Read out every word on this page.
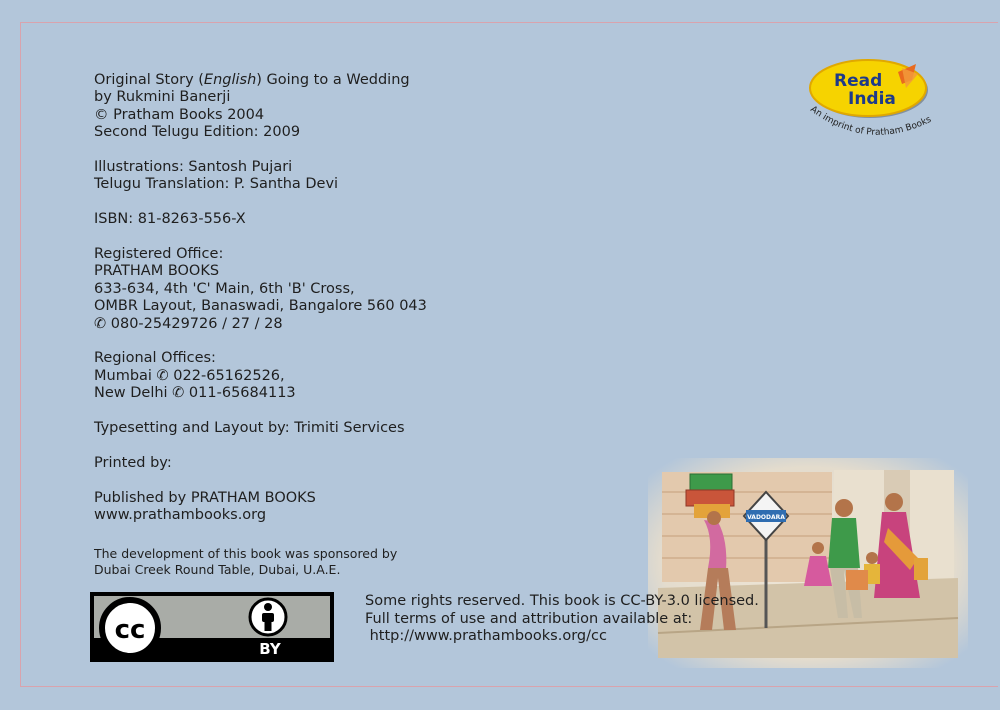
Original Story (English) Going to a Wedding
by Rukmini Banerji
© Pratham Books 2004
Second Telugu Edition: 2009
Illustrations: Santosh Pujari
Telugu Translation: P. Santha Devi
ISBN: 81-8263-556-X
Registered Office:
PRATHAM BOOKS
633-634, 4th 'C' Main, 6th 'B' Cross,
OMBR Layout, Banaswadi, Bangalore 560 043
✆ 080-25429726 / 27 / 28
Regional Offices:
Mumbai ✆ 022-65162526,
New Delhi ✆ 011-65684113
Typesetting and Layout by: Trimiti Services
Printed by:
Published by PRATHAM BOOKS
www.prathambooks.org
The development of this book was sponsored by
Dubai Creek Round Table, Dubai, U.A.E.
Read
India
An imprint of Pratham Books
cc
BY
VADODARA
Some rights reserved. This book is CC-BY-3.0 licensed.
Full terms of use and attribution available at:
http://www.prathambooks.org/cc
